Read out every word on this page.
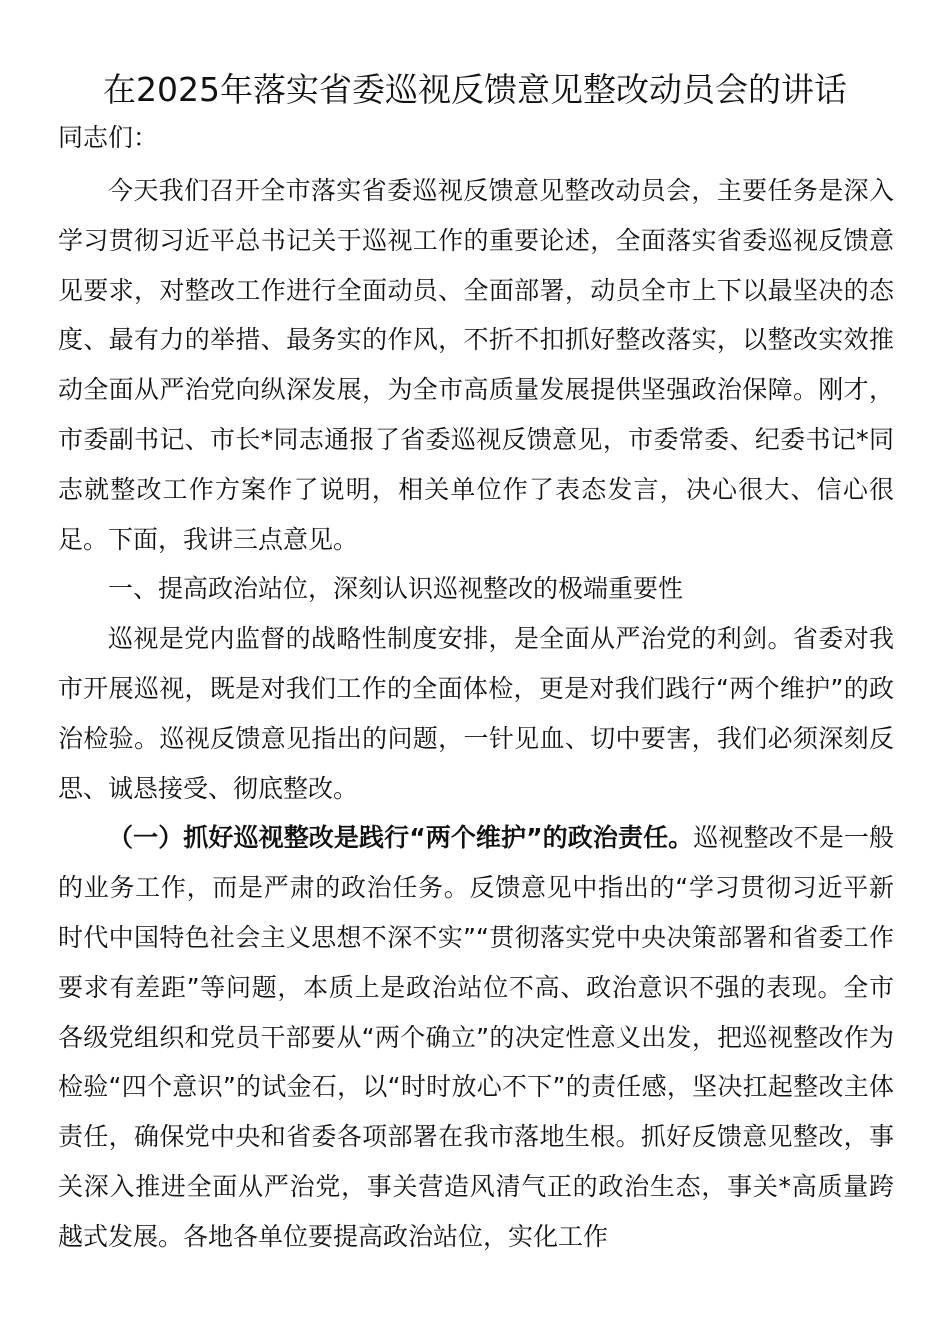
在2025年落实省委巡视反馈意见整改动员会的讲话

同志们：

今天我们召开全市落实省委巡视反馈意见整改动员会，主要任务是深入学习贯彻习近平总书记关于巡视工作的重要论述，全面落实省委巡视反馈意见要求，对整改工作进行全面动员、全面部署，动员全市上下以最坚决的态度、最有力的举措、最务实的作风，不折不扣抓好整改落实，以整改实效推动全面从严治党向纵深发展，为全市高质量发展提供坚强政治保障。刚才，市委副书记、市长*同志通报了省委巡视反馈意见，市委常委、纪委书记*同志就整改工作方案作了说明，相关单位作了表态发言，决心很大、信心很足。下面，我讲三点意见。

一、提高政治站位，深刻认识巡视整改的极端重要性

巡视是党内监督的战略性制度安排，是全面从严治党的利剑。省委对我市开展巡视，既是对我们工作的全面体检，更是对我们践行“两个维护”的政治检验。巡视反馈意见指出的问题，一针见血、切中要害，我们必须深刻反思、诚恳接受、彻底整改。

（一）抓好巡视整改是践行“两个维护”的政治责任。巡视整改不是一般的业务工作，而是严肃的政治任务。反馈意见中指出的“学习贯彻习近平新时代中国特色社会主义思想不深不实”“贯彻落实党中央决策部署和省委工作要求有差距”等问题，本质上是政治站位不高、政治意识不强的表现。全市各级党组织和党员干部要从“两个确立”的决定性意义出发，把巡视整改作为检验“四个意识”的试金石，以“时时放心不下”的责任感，坚决扛起整改主体责任，确保党中央和省委各项部署在我市落地生根。抓好反馈意见整改，事关深入推进全面从严治党，事关营造风清气正的政治生态，事关*高质量跨越式发展。各地各单位要提高政治站位，实化工作
